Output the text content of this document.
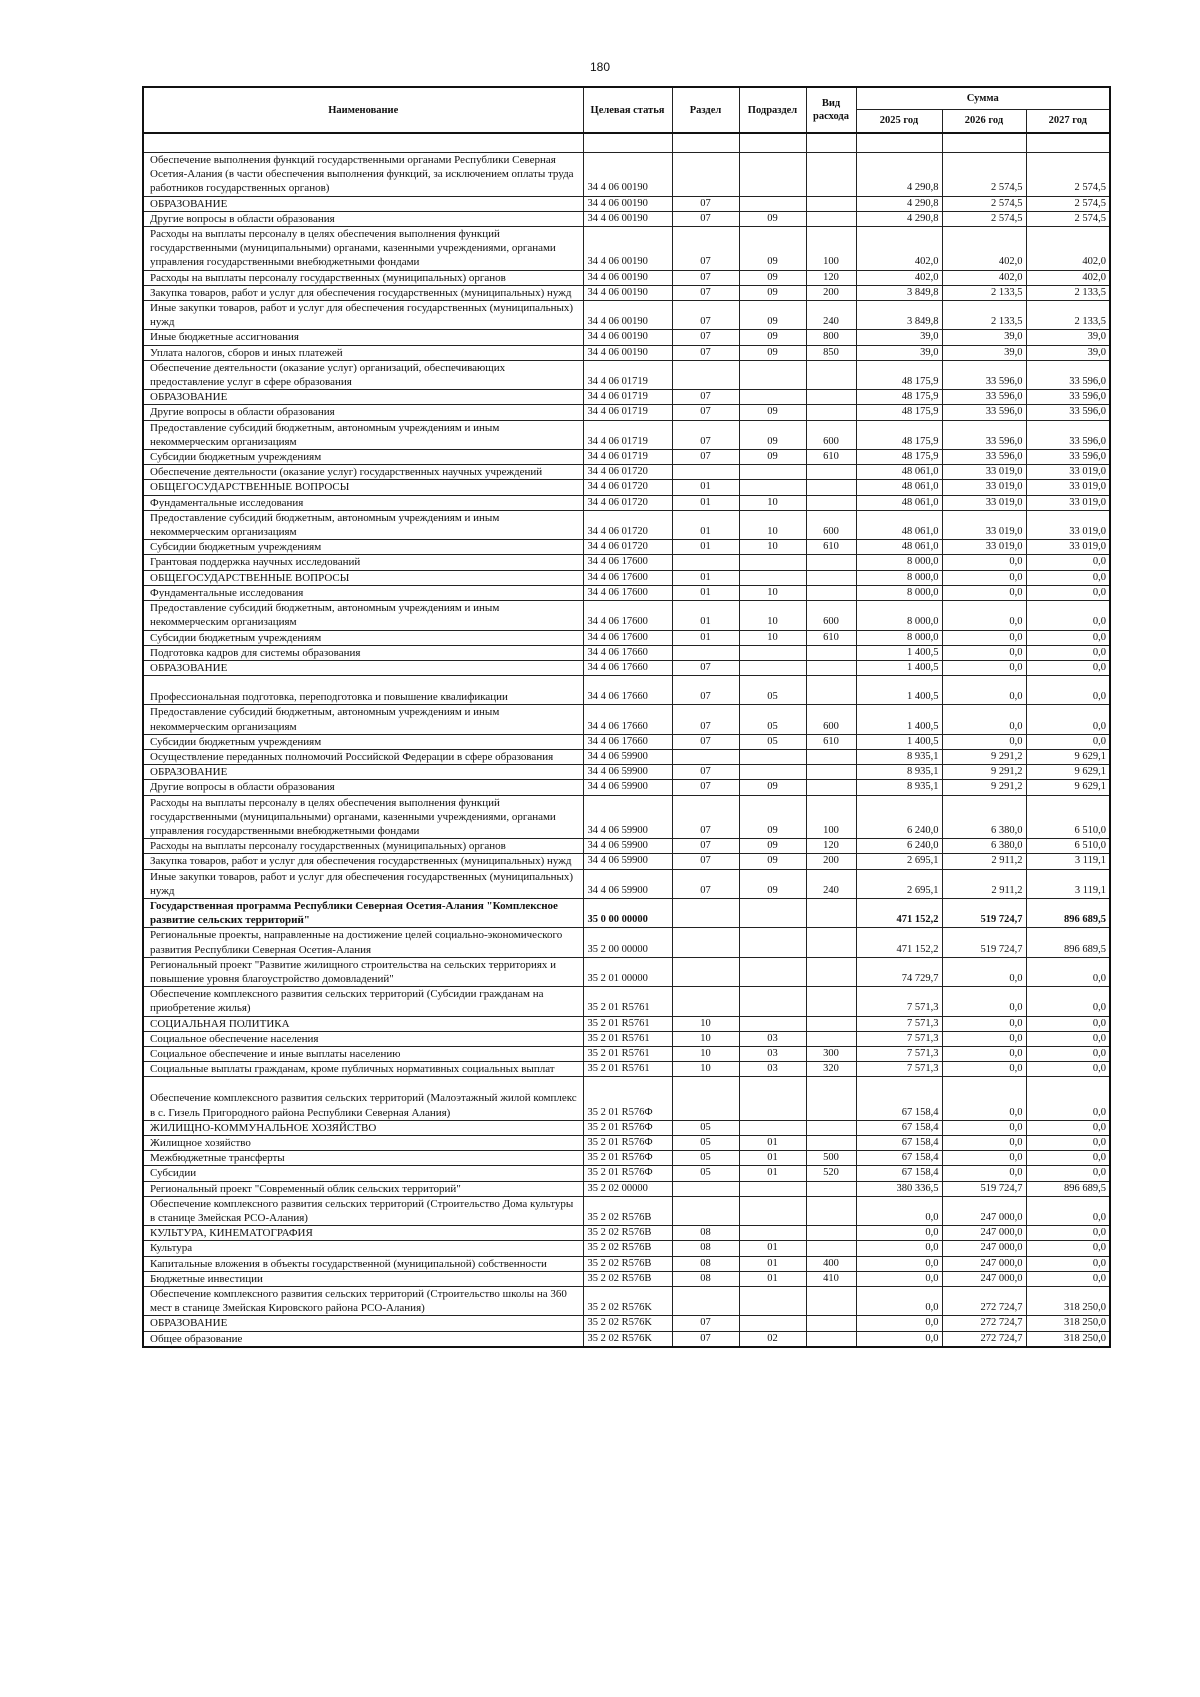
180
Наименование	Целевая статья	Раздел	Подраздел	Вид расхода	Сумма		
					2025 год	2026 год	2027 год

Обеспечение выполнения функций государственными органами Республики Северная Осетия-Алания (в части обеспечения выполнения функций, за исключением оплаты труда работников государственных органов)	34 4 06 00190				4 290,8	2 574,5	2 574,5
ОБРАЗОВАНИЕ	34 4 06 00190	07			4 290,8	2 574,5	2 574,5
Другие вопросы в области образования	34 4 06 00190	07	09		4 290,8	2 574,5	2 574,5
Расходы на выплаты персоналу в целях обеспечения выполнения функций государственными (муниципальными) органами, казенными учреждениями, органами управления государственными внебюджетными фондами	34 4 06 00190	07	09	100	402,0	402,0	402,0
Расходы на выплаты персоналу государственных (муниципальных) органов	34 4 06 00190	07	09	120	402,0	402,0	402,0
Закупка товаров, работ и услуг для обеспечения государственных (муниципальных) нужд	34 4 06 00190	07	09	200	3 849,8	2 133,5	2 133,5
Иные закупки товаров, работ и услуг для обеспечения государственных (муниципальных) нужд	34 4 06 00190	07	09	240	3 849,8	2 133,5	2 133,5
Иные бюджетные ассигнования	34 4 06 00190	07	09	800	39,0	39,0	39,0
Уплата налогов, сборов и иных платежей	34 4 06 00190	07	09	850	39,0	39,0	39,0
Обеспечение деятельности (оказание услуг) организаций, обеспечивающих предоставление услуг в сфере образования	34 4 06 01719				48 175,9	33 596,0	33 596,0
ОБРАЗОВАНИЕ	34 4 06 01719	07			48 175,9	33 596,0	33 596,0
Другие вопросы в области образования	34 4 06 01719	07	09		48 175,9	33 596,0	33 596,0
Предоставление субсидий бюджетным, автономным учреждениям и иным некоммерческим организациям	34 4 06 01719	07	09	600	48 175,9	33 596,0	33 596,0
Субсидии бюджетным учреждениям	34 4 06 01719	07	09	610	48 175,9	33 596,0	33 596,0
Обеспечение деятельности (оказание услуг) государственных научных учреждений	34 4 06 01720				48 061,0	33 019,0	33 019,0
ОБЩЕГОСУДАРСТВЕННЫЕ ВОПРОСЫ	34 4 06 01720	01			48 061,0	33 019,0	33 019,0
Фундаментальные исследования	34 4 06 01720	01	10		48 061,0	33 019,0	33 019,0
Предоставление субсидий бюджетным, автономным учреждениям и иным некоммерческим организациям	34 4 06 01720	01	10	600	48 061,0	33 019,0	33 019,0
Субсидии бюджетным учреждениям	34 4 06 01720	01	10	610	48 061,0	33 019,0	33 019,0
Грантовая поддержка научных исследований	34 4 06 17600				8 000,0	0,0	0,0
ОБЩЕГОСУДАРСТВЕННЫЕ ВОПРОСЫ	34 4 06 17600	01			8 000,0	0,0	0,0
Фундаментальные исследования	34 4 06 17600	01	10		8 000,0	0,0	0,0
Предоставление субсидий бюджетным, автономным учреждениям и иным некоммерческим организациям	34 4 06 17600	01	10	600	8 000,0	0,0	0,0
Субсидии бюджетным учреждениям	34 4 06 17600	01	10	610	8 000,0	0,0	0,0
Подготовка кадров для системы образования	34 4 06 17660				1 400,5	0,0	0,0
ОБРАЗОВАНИЕ	34 4 06 17660	07			1 400,5	0,0	0,0
Профессиональная подготовка, переподготовка и повышение квалификации	34 4 06 17660	07	05		1 400,5	0,0	0,0
Предоставление субсидий бюджетным, автономным учреждениям и иным некоммерческим организациям	34 4 06 17660	07	05	600	1 400,5	0,0	0,0
Субсидии бюджетным учреждениям	34 4 06 17660	07	05	610	1 400,5	0,0	0,0
Осуществление переданных полномочий Российской Федерации в сфере образования	34 4 06 59900				8 935,1	9 291,2	9 629,1
ОБРАЗОВАНИЕ	34 4 06 59900	07			8 935,1	9 291,2	9 629,1
Другие вопросы в области образования	34 4 06 59900	07	09		8 935,1	9 291,2	9 629,1
Расходы на выплаты персоналу в целях обеспечения выполнения функций государственными (муниципальными) органами, казенными учреждениями, органами управления государственными внебюджетными фондами	34 4 06 59900	07	09	100	6 240,0	6 380,0	6 510,0
Расходы на выплаты персоналу государственных (муниципальных) органов	34 4 06 59900	07	09	120	6 240,0	6 380,0	6 510,0
Закупка товаров, работ и услуг для обеспечения государственных (муниципальных) нужд	34 4 06 59900	07	09	200	2 695,1	2 911,2	3 119,1
Иные закупки товаров, работ и услуг для обеспечения государственных (муниципальных) нужд	34 4 06 59900	07	09	240	2 695,1	2 911,2	3 119,1
Государственная программа Республики Северная Осетия-Алания "Комплексное развитие сельских территорий"	35 0 00 00000				471 152,2	519 724,7	896 689,5
Региональные проекты, направленные на достижение целей социально-экономического развития Республики Северная Осетия-Алания	35 2 00 00000				471 152,2	519 724,7	896 689,5
Региональный проект "Развитие жилищного строительства на сельских территориях и повышение уровня благоустройство домовладений"	35 2 01 00000				74 729,7	0,0	0,0
Обеспечение комплексного развития сельских территорий (Субсидии гражданам на приобретение жилья)	35 2 01 R5761				7 571,3	0,0	0,0
СОЦИАЛЬНАЯ ПОЛИТИКА	35 2 01 R5761	10			7 571,3	0,0	0,0
Социальное обеспечение населения	35 2 01 R5761	10	03		7 571,3	0,0	0,0
Социальное обеспечение и иные выплаты населению	35 2 01 R5761	10	03	300	7 571,3	0,0	0,0
Социальные выплаты гражданам, кроме публичных нормативных социальных выплат	35 2 01 R5761	10	03	320	7 571,3	0,0	0,0
Обеспечение комплексного развития сельских территорий (Малоэтажный жилой комплекс в с. Гизель Пригородного района Республики Северная Алания)	35 2 01 R576Ф				67 158,4	0,0	0,0
ЖИЛИЩНО-КОММУНАЛЬНОЕ ХОЗЯЙСТВО	35 2 01 R576Ф	05			67 158,4	0,0	0,0
Жилищное хозяйство	35 2 01 R576Ф	05	01		67 158,4	0,0	0,0
Межбюджетные трансферты	35 2 01 R576Ф	05	01	500	67 158,4	0,0	0,0
Субсидии	35 2 01 R576Ф	05	01	520	67 158,4	0,0	0,0
Региональный проект "Современный облик сельских территорий"	35 2 02 00000				380 336,5	519 724,7	896 689,5
Обеспечение комплексного развития сельских территорий (Строительство Дома культуры в станице Змейская РСО-Алания)	35 2 02 R576B				0,0	247 000,0	0,0
КУЛЬТУРА, КИНЕМАТОГРАФИЯ	35 2 02 R576B	08			0,0	247 000,0	0,0
Культура	35 2 02 R576B	08	01		0,0	247 000,0	0,0
Капитальные вложения в объекты государственной (муниципальной) собственности	35 2 02 R576B	08	01	400	0,0	247 000,0	0,0
Бюджетные инвестиции	35 2 02 R576B	08	01	410	0,0	247 000,0	0,0
Обеспечение комплексного развития сельских территорий (Строительство школы на 360 мест в станице Змейская Кировского района РСО-Алания)	35 2 02 R576K				0,0	272 724,7	318 250,0
ОБРАЗОВАНИЕ	35 2 02 R576K	07			0,0	272 724,7	318 250,0
Общее образование	35 2 02 R576K	07	02		0,0	272 724,7	318 250,0
